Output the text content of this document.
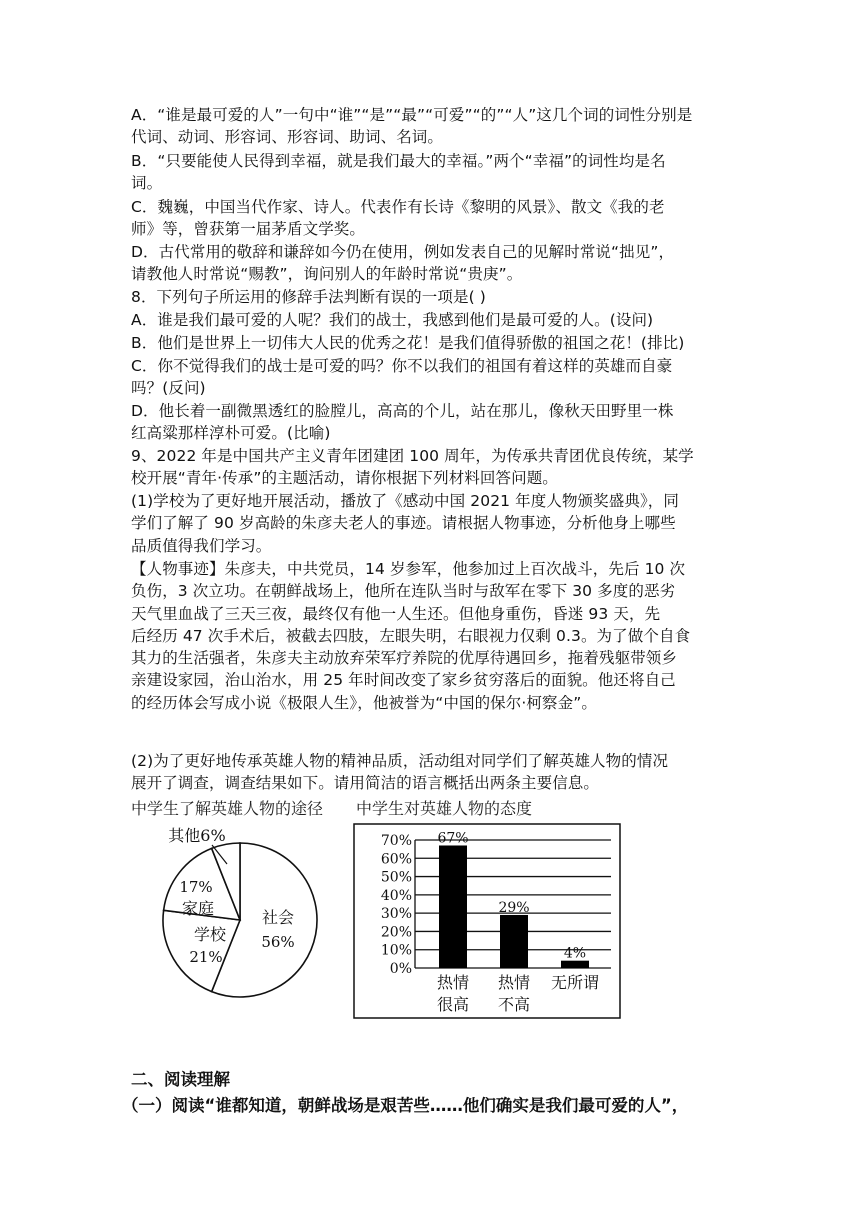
A．“谁是最可爱的人”一句中“谁”“是”“最”“可爱”“的”“人”这几个词的词性分别是
代词、动词、形容词、形容词、助词、名词。
B．“只要能使人民得到幸福，就是我们最大的幸福。”两个“幸福”的词性均是名
词。
C．魏巍，中国当代作家、诗人。代表作有长诗《黎明的风景》、散文《我的老
师》等，曾获第一届茅盾文学奖。
D．古代常用的敬辞和谦辞如今仍在使用，例如发表自己的见解时常说“拙见”，
请教他人时常说“赐教”，询问别人的年龄时常说“贵庚”。
8．下列句子所运用的修辞手法判断有误的一项是( )
A．谁是我们最可爱的人呢？我们的战士，我感到他们是最可爱的人。(设问)
B．他们是世界上一切伟大人民的优秀之花！是我们值得骄傲的祖国之花！(排比)
C．你不觉得我们的战士是可爱的吗？你不以我们的祖国有着这样的英雄而自豪
吗？(反问)
D．他长着一副微黑透红的脸膛儿，高高的个儿，站在那儿，像秋天田野里一株
红高粱那样淳朴可爱。(比喻)
9、2022 年是中国共产主义青年团建团 100 周年，为传承共青团优良传统，某学
校开展“青年·传承”的主题活动，请你根据下列材料回答问题。
(1)学校为了更好地开展活动，播放了《感动中国 2021 年度人物颁奖盛典》，同
学们了解了 90 岁高龄的朱彦夫老人的事迹。请根据人物事迹，分析他身上哪些
品质值得我们学习。
【人物事迹】朱彦夫，中共党员，14 岁参军，他参加过上百次战斗，先后 10 次
负伤，3 次立功。在朝鲜战场上，他所在连队当时与敌军在零下 30 多度的恶劣
天气里血战了三天三夜，最终仅有他一人生还。但他身重伤，昏迷 93 天，先
后经历 47 次手术后，被截去四肢，左眼失明，右眼视力仅剩 0.3。为了做个自食
其力的生活强者，朱彦夫主动放弃荣军疗养院的优厚待遇回乡，拖着残躯带领乡
亲建设家园，治山治水，用 25 年时间改变了家乡贫穷落后的面貌。他还将自己
的经历体会写成小说《极限人生》，他被誉为“中国的保尔·柯察金”。
(2)为了更好地传承英雄人物的精神品质，活动组对同学们了解英雄人物的情况
展开了调查，调查结果如下。请用简洁的语言概括出两条主要信息。
中学生了解英雄人物的途径 中学生对英雄人物的态度
社会
56%
学校
21%
17%
家庭
其他6%	70%
60%
50%
40%
30%
20%
10%
0%
67%
热情
很高
29%
热情
不高
4%
无所谓
二、阅读理解
（一）阅读“谁都知道，朝鲜战场是艰苦些……他们确实是我们最可爱的人”，
